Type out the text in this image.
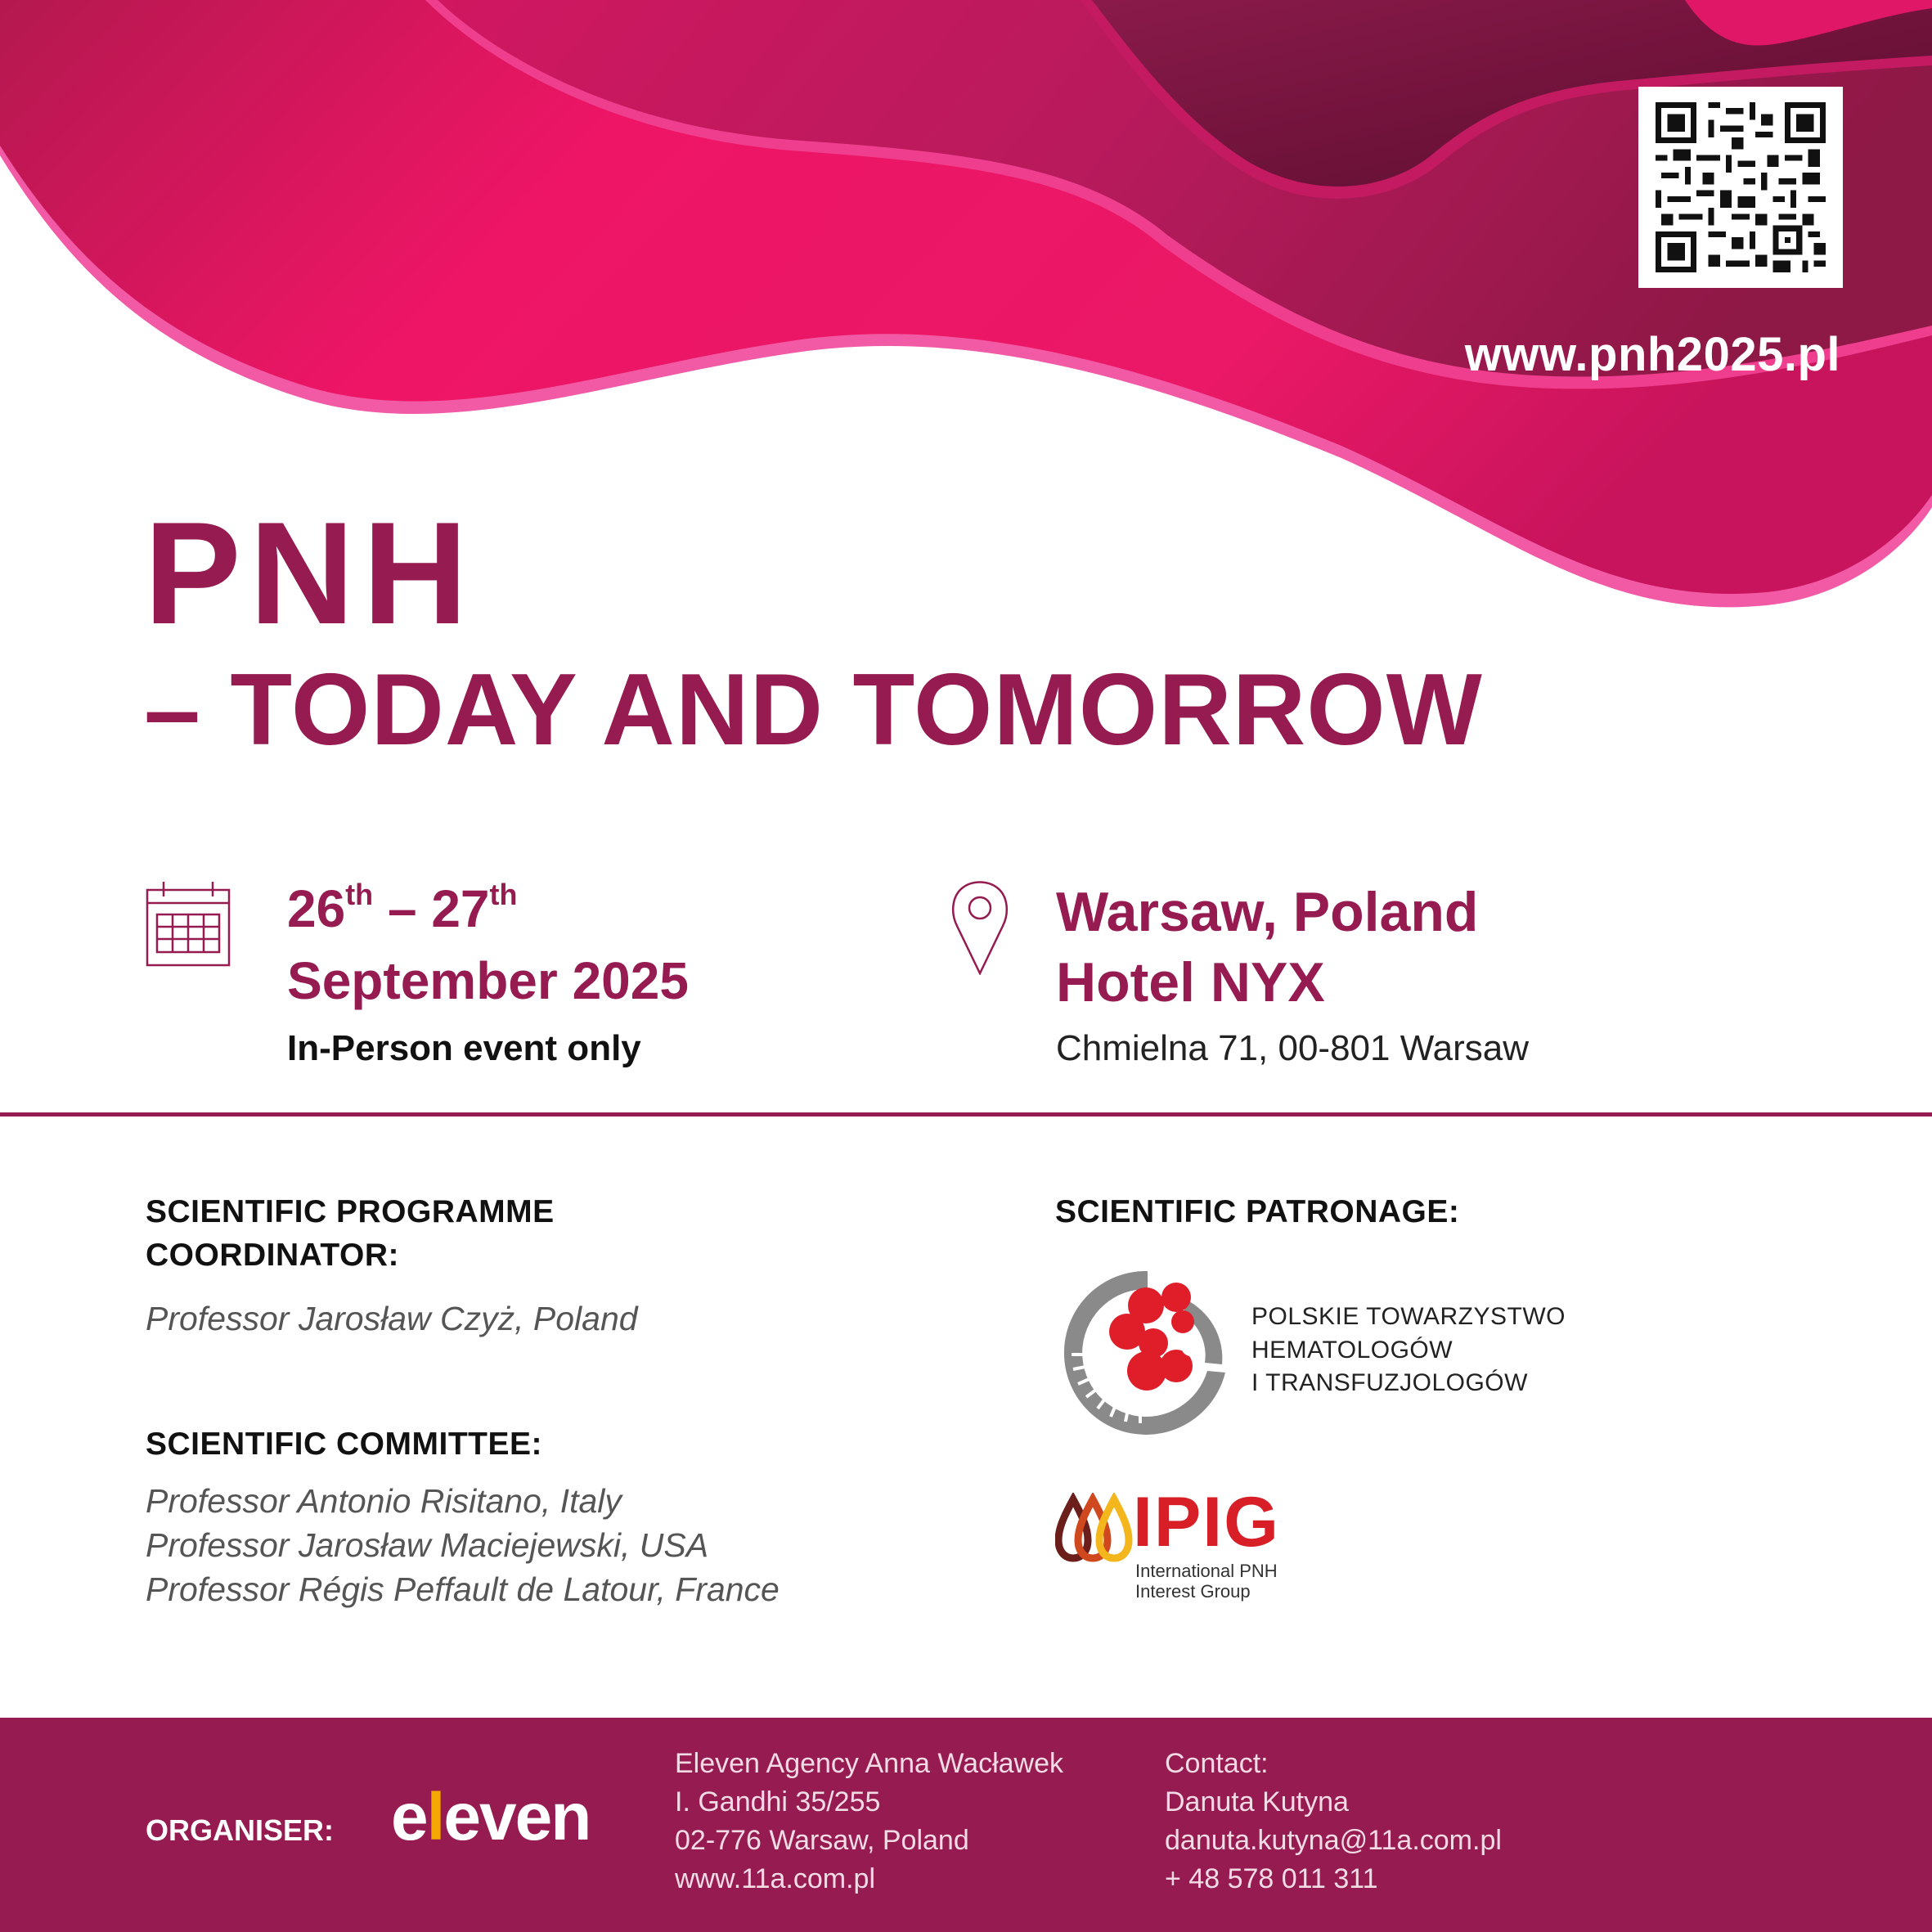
www.pnh2025.pl
PNH
– TODAY AND TOMORROW
26th – 27th
September 2025
In-Person event only
Warsaw, Poland
Hotel NYX
Chmielna 71, 00-801 Warsaw
SCIENTIFIC PROGRAMME COORDINATOR:
Professor Jarosław Czyż, Poland
SCIENTIFIC COMMITTEE:
Professor Antonio Risitano, Italy
Professor Jarosław Maciejewski, USA
Professor Régis Peffault de Latour, France
SCIENTIFIC PATRONAGE:
POLSKIE TOWARZYSTWO
HEMATOLOGÓW
I TRANSFUZJOLOGÓW
IPIG
International PNH
Interest Group
ORGANISER: eleven
Eleven Agency Anna Wacławek
I. Gandhi 35/255
02-776 Warsaw, Poland
www.11a.com.pl
Contact:
Danuta Kutyna
danuta.kutyna@11a.com.pl
+ 48 578 011 311
